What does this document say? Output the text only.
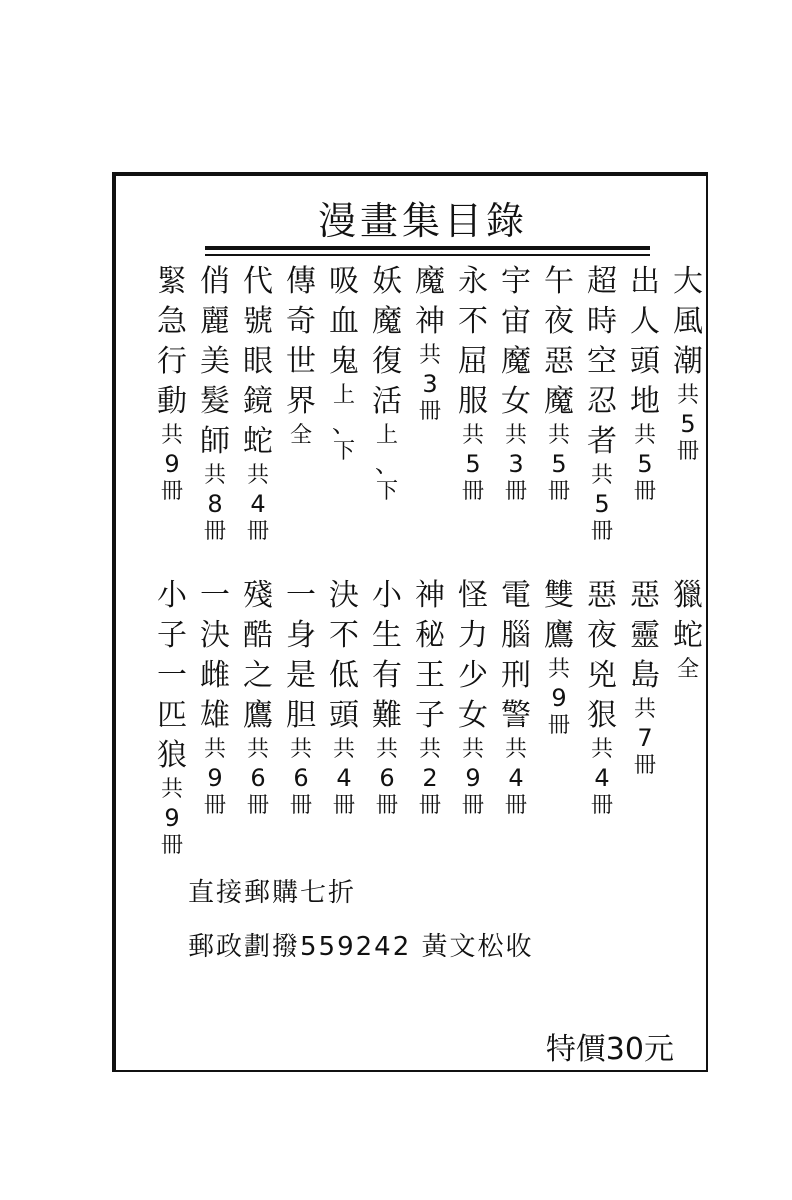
漫畫集目錄
大
風
潮
共
5
冊
出
人
頭
地
共
5
冊
超
時
空
忍
者
共
5
冊
午
夜
惡
魔
共
5
冊
宇
宙
魔
女
共
3
冊
永
不
屈
服
共
5
冊
魔
神
共
3
冊
妖
魔
復
活
上
、
下
吸
血
鬼
上
、
下
傳
奇
世
界
全
代
號
眼
鏡
蛇
共
4
冊
俏
麗
美
髮
師
共
8
冊
緊
急
行
動
共
9
冊
獵
蛇
全
惡
靈
島
共
7
冊
惡
夜
兇
狠
共
4
冊
雙
鷹
共
9
冊
電
腦
刑
警
共
4
冊
怪
力
少
女
共
9
冊
神
秘
王
子
共
2
冊
小
生
有
難
共
6
冊
決
不
低
頭
共
4
冊
一
身
是
胆
共
6
冊
殘
酷
之
鷹
共
6
冊
一
決
雌
雄
共
9
冊
小
子
一
匹
狼
共
9
冊
直接郵購七折
郵政劃撥559242 黃文松收
特價30元
